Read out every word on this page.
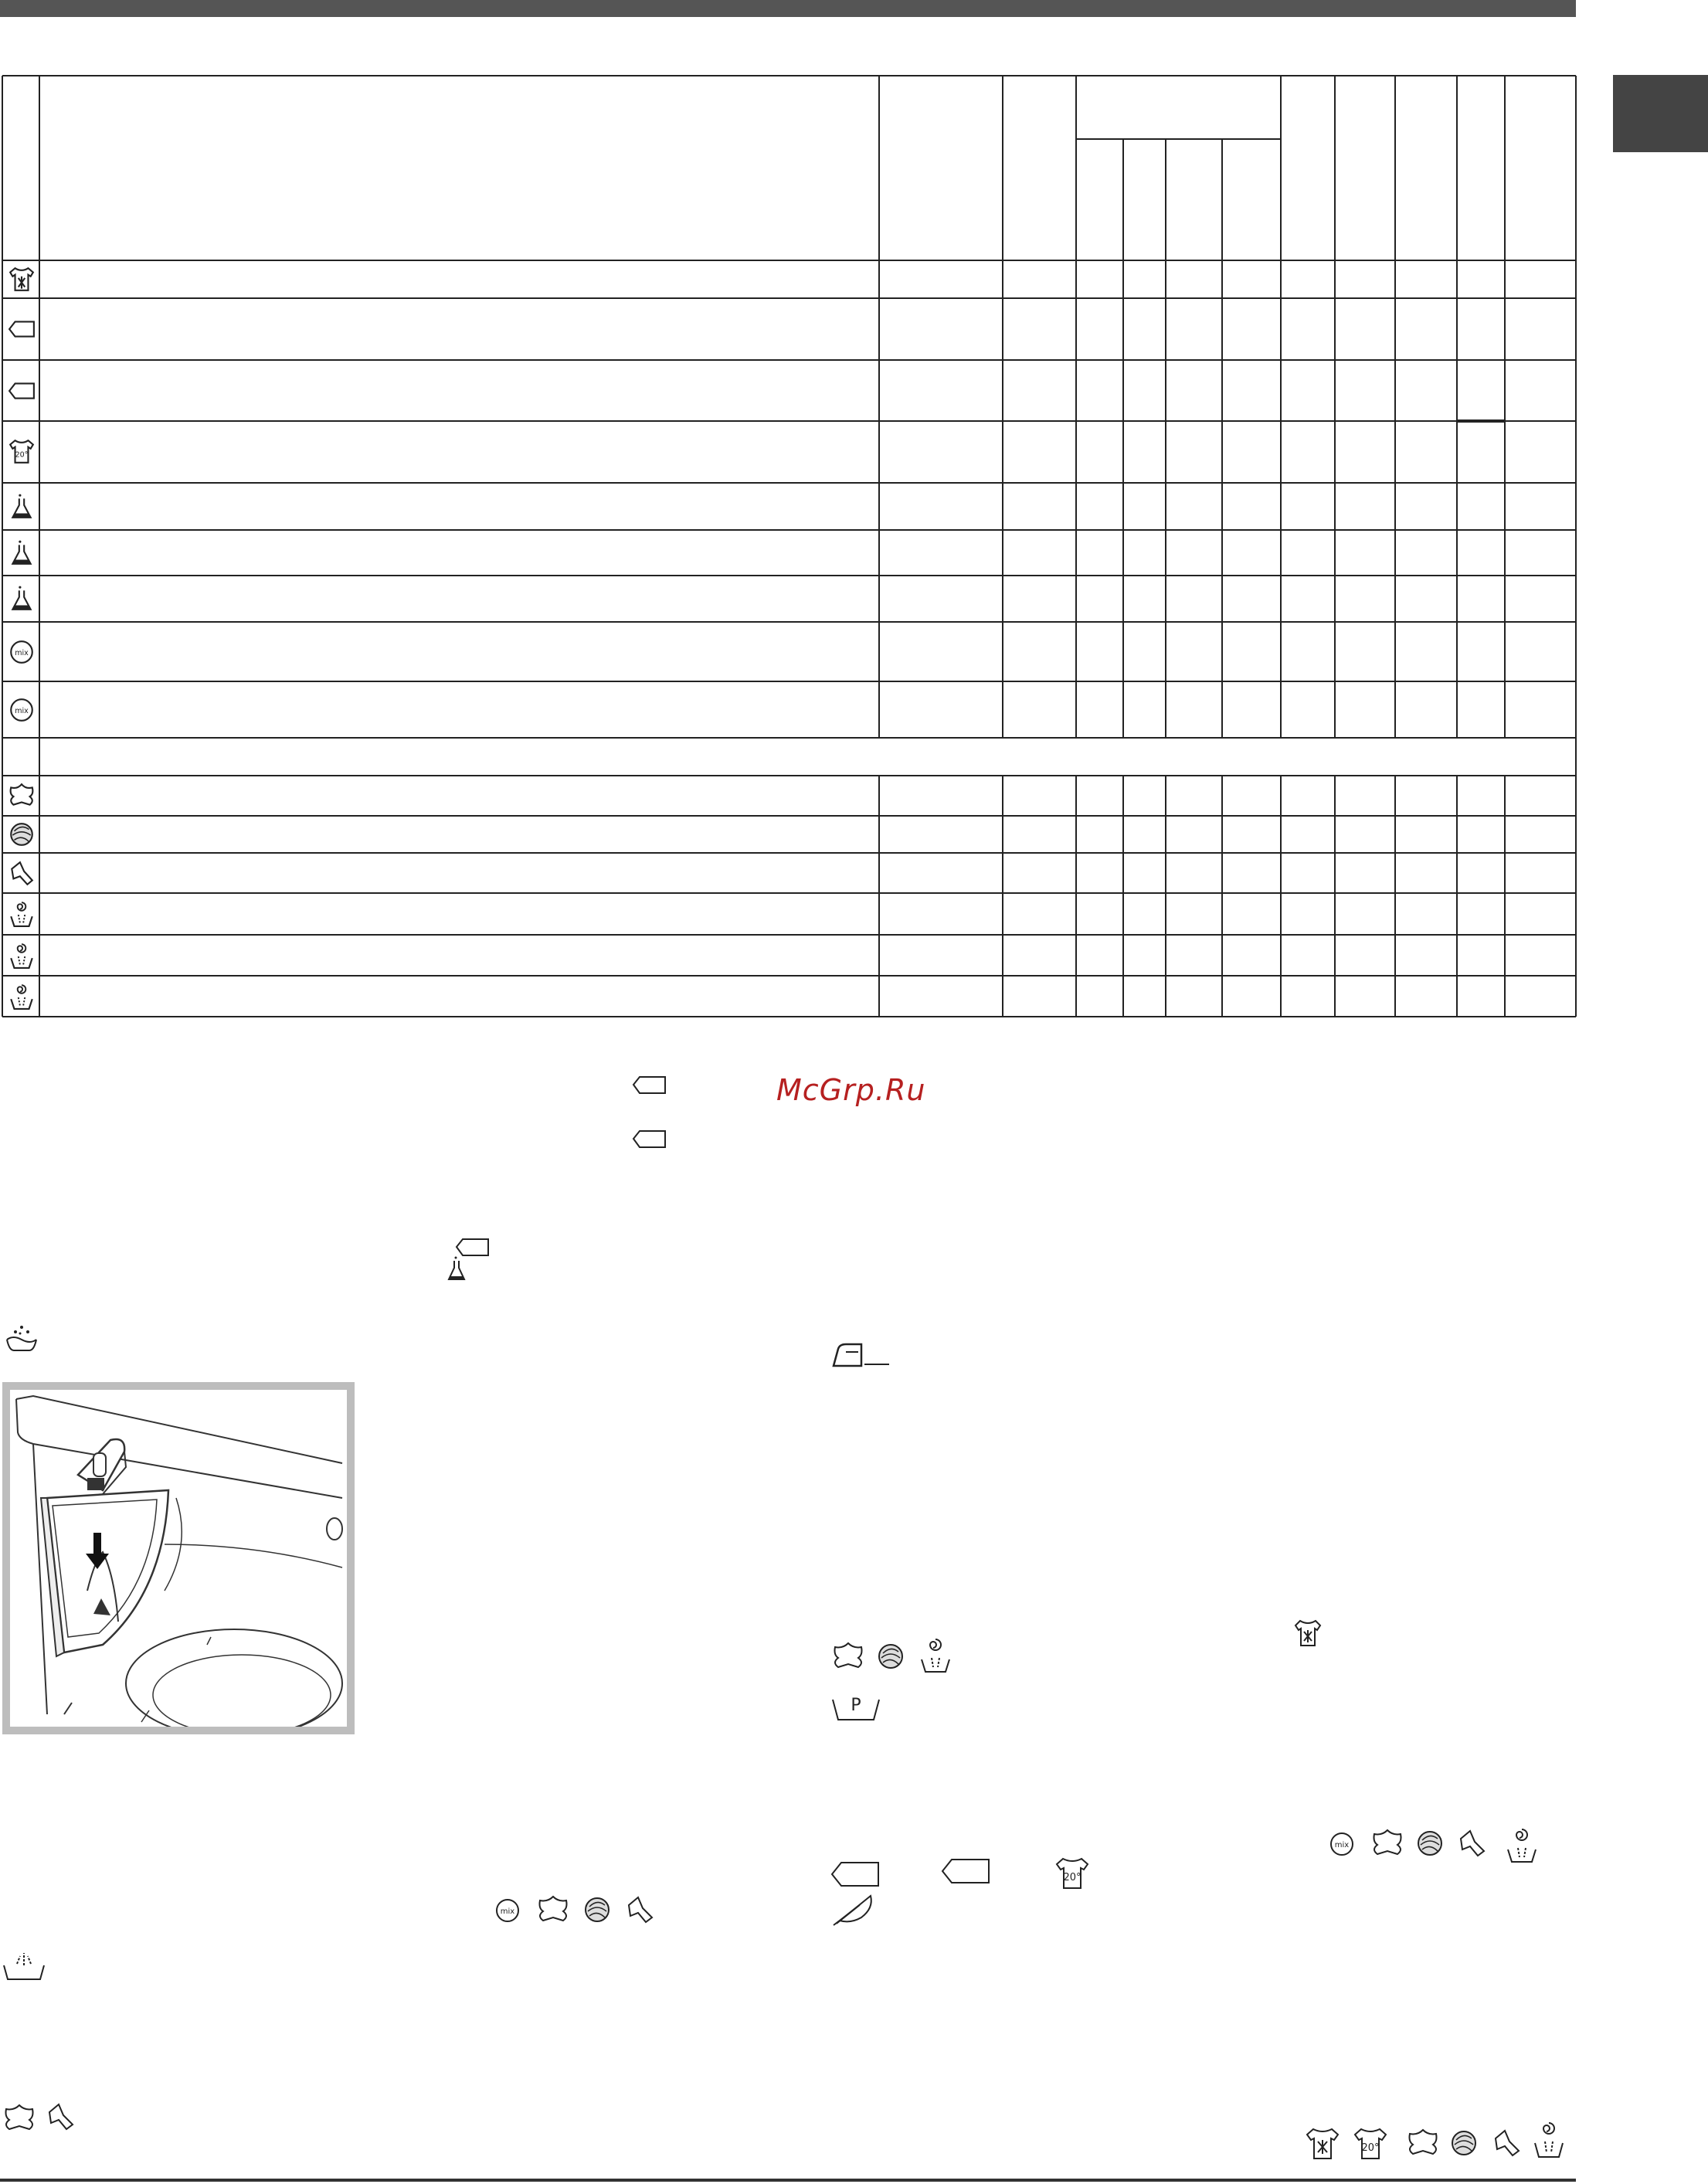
20°
mix
mix
McGrp.Ru
mix
P
mix
20°
20°
